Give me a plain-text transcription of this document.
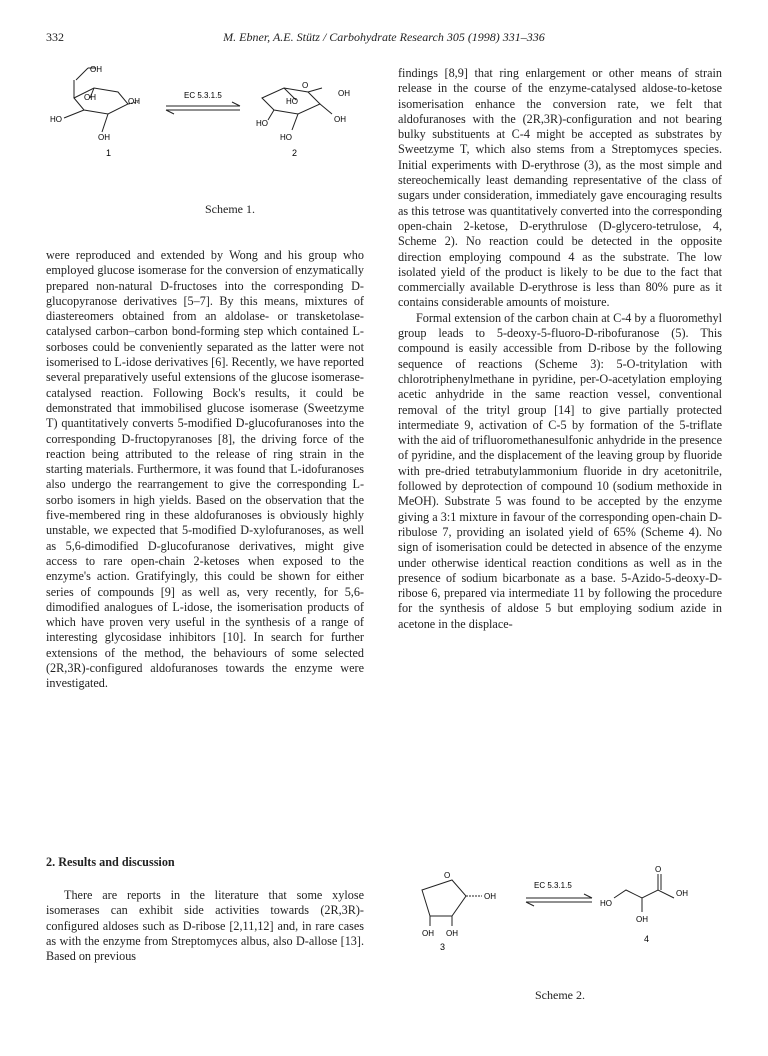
332	M. Ebner, A.E. Stütz / Carbohydrate Research 305 (1998) 331–336
OH
OH	OH
HO
OH
1
EC 5.3.1.5
O
OH
HO
OH
HO
HO
2
Scheme 1.

were reproduced and extended by Wong and his group who employed glucose isomerase for the conversion of enzymatically prepared non-natural D-fructoses into the corresponding D-glucopyranose derivatives [5–7]. By this means, mixtures of diastereomers obtained from an aldolase- or transketolase-catalysed carbon–carbon bond-forming step which contained L-sorboses could be conveniently separated as the latter were not isomerised to L-idose derivatives [6]. Recently, we have reported several preparatively useful extensions of the glucose isomerase-catalysed reaction. Following Bock's results, it could be demonstrated that immobilised glucose isomerase (Sweetzyme T) quantitatively converts 5-modified D-glucofuranoses into the corresponding D-fructopyranoses [8], the driving force of the reaction being attributed to the release of ring strain in the starting materials. Furthermore, it was found that L-idofuranoses also undergo the rearrangement to give the corresponding L-sorbo isomers in high yields. Based on the observation that the five-membered ring in these aldofuranoses is obviously highly unstable, we expected that 5-modified D-xylofuranoses, as well as 5,6-dimodified D-glucofuranose derivatives, might give access to rare open-chain 2-ketoses when exposed to the enzyme's action. Gratifyingly, this could be shown for either series of compounds [9] as well as, very recently, for 5,6-dimodified analogues of L-idose, the isomerisation products of which have proven very useful in the synthesis of a range of interesting glycosidase inhibitors [10]. In search for further extensions of the method, the behaviours of some selected (2R,3R)-configured aldofuranoses towards the enzyme were investigated.

2. Results and discussion
There are reports in the literature that some xylose isomerases can exhibit side activities towards (2R,3R)-configured aldoses such as D-ribose [2,11,12] and, in rare cases as with the enzyme from Streptomyces albus, also D-allose [13]. Based on previous

findings [8,9] that ring enlargement or other means of strain release in the course of the enzyme-catalysed aldose-to-ketose isomerisation enhance the conversion rate, we felt that aldofuranoses with the (2R,3R)-configuration and not bearing bulky substituents at C-4 might be accepted as substrates by Sweetzyme T, which also stems from a Streptomyces species. Initial experiments with D-erythrose (3), as the most simple and stereochemically least demanding representative of the class of sugars under consideration, immediately gave encouraging results as this tetrose was quantitatively converted into the corresponding open-chain 2-ketose, D-erythrulose (D-glycero-tetrulose, 4, Scheme 2). No reaction could be detected in the opposite direction employing compound 4 as the substrate. The low isolated yield of the product is likely to be due to the fact that commercially available D-erythrose is less than 80% pure as it contains considerable amounts of moisture.

Formal extension of the carbon chain at C-4 by a fluoromethyl group leads to 5-deoxy-5-fluoro-D-ribofuranose (5). This compound is easily accessible from D-ribose by the following sequence of reactions (Scheme 3): 5-O-tritylation with chlorotriphenylmethane in pyridine, per-O-acetylation employing acetic anhydride in the same reaction vessel, conventional removal of the trityl group [14] to give partially protected intermediate 9, activation of C-5 by formation of the 5-triflate with the aid of trifluoromethanesulfonic anhydride in the presence of pyridine, and the displacement of the leaving group by fluoride with pre-dried tetrabutylammonium fluoride in dry acetonitrile, followed by deprotection of compound 10 (sodium methoxide in MeOH). Substrate 5 was found to be accepted by the enzyme giving a 3:1 mixture in favour of the corresponding open-chain D-ribulose 7, providing an isolated yield of 65% (Scheme 4). No sign of isomerisation could be detected in absence of the enzyme under otherwise identical reaction conditions as well as in the presence of sodium bicarbonate as a base. 5-Azido-5-deoxy-D-ribose 6, prepared via intermediate 11 by following the procedure for the synthesis of aldose 5 but employing sodium azide in acetone in the displace-

O
OH
OH OH
3
EC 5.3.1.5
O
OH
HO
OH
4
Scheme 2.
